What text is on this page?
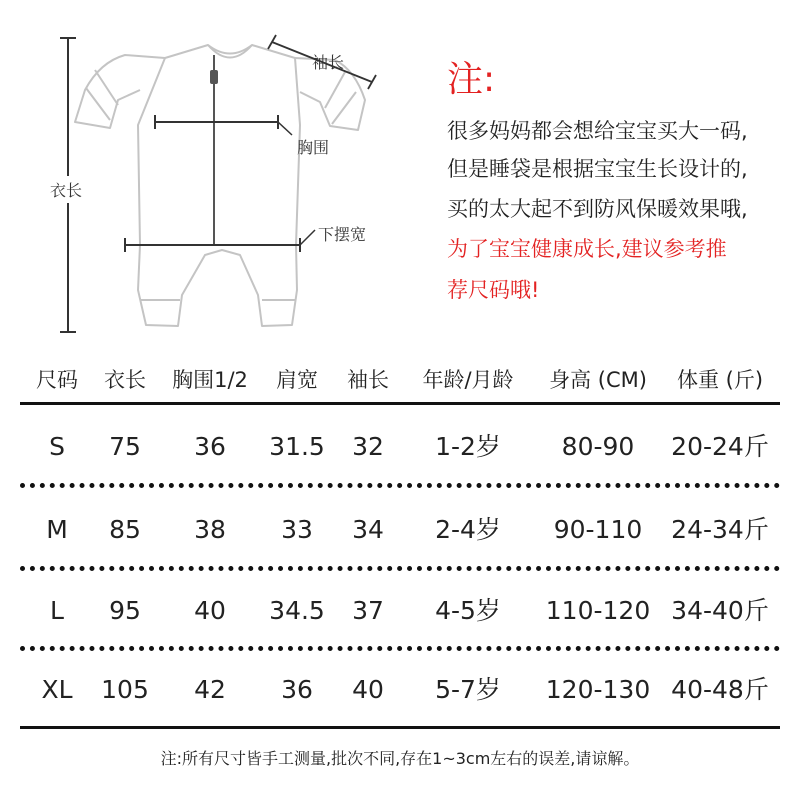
袖长
胸围
衣长
下摆宽
注:
很多妈妈都会想给宝宝买大一码,
但是睡袋是根据宝宝生长设计的,
买的太大起不到防风保暖效果哦,
为了宝宝健康成长,建议参考推
荐尺码哦!
尺码 衣长 胸围1/2 肩宽 袖长 年龄/月龄 身高 (CM) 体重 (斤)
S 75 36 31.5 32 1-2岁 80-90 20-24斤
M 85 38 33 34 2-4岁 90-110 24-34斤
L 95 40 34.5 37 4-5岁 110-120 34-40斤
XL 105 42 36 40 5-7岁 120-130 40-48斤
注:所有尺寸皆手工测量,批次不同,存在1~3cm左右的误差,请谅解。
